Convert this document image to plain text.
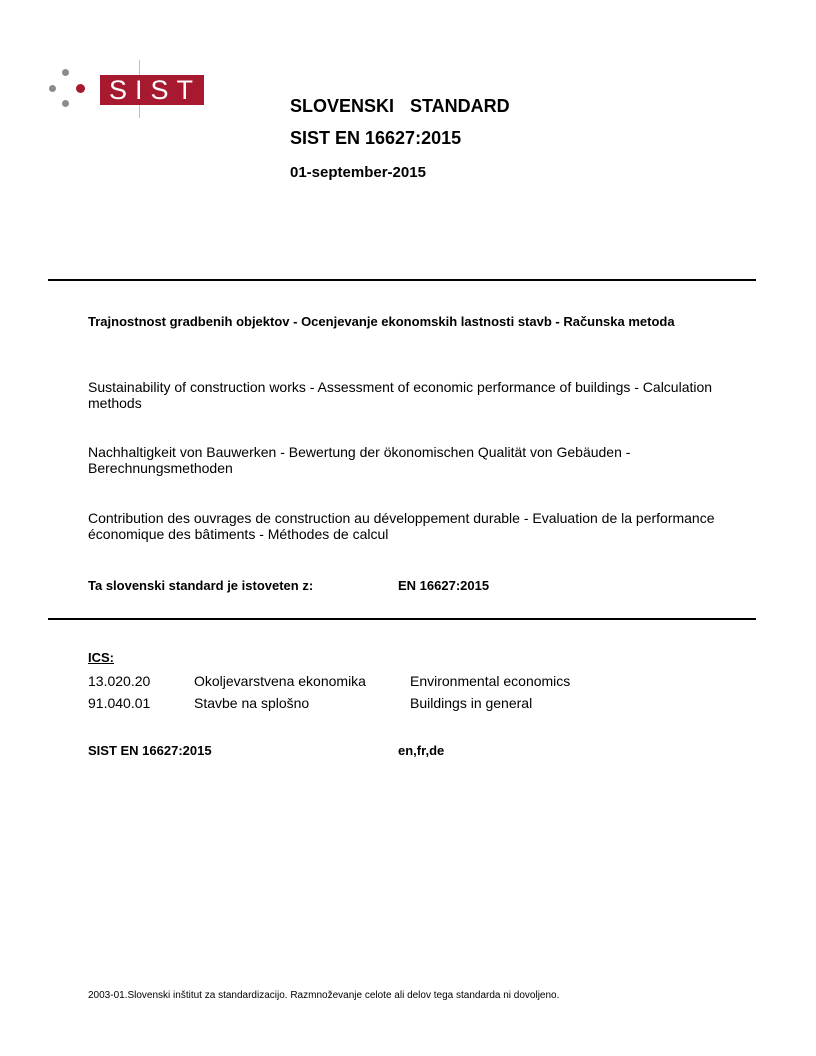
SIST
SLOVENSKI  STANDARD
SIST EN 16627:2015
01-september-2015
Trajnostnost gradbenih objektov - Ocenjevanje ekonomskih lastnosti stavb - Računska metoda
Sustainability of construction works - Assessment of economic performance of buildings - Calculation methods
Nachhaltigkeit von Bauwerken - Bewertung der ökonomischen Qualität von Gebäuden - Berechnungsmethoden
Contribution des ouvrages de construction au développement durable - Evaluation de la performance économique des bâtiments - Méthodes de calcul
Ta slovenski standard je istoveten z:	EN 16627:2015
ICS:
13.020.20	Okoljevarstvena ekonomika	Environmental economics
91.040.01	Stavbe na splošno	Buildings in general
SIST EN 16627:2015	en,fr,de
2003-01.Slovenski inštitut za standardizacijo. Razmnoževanje celote ali delov tega standarda ni dovoljeno.
